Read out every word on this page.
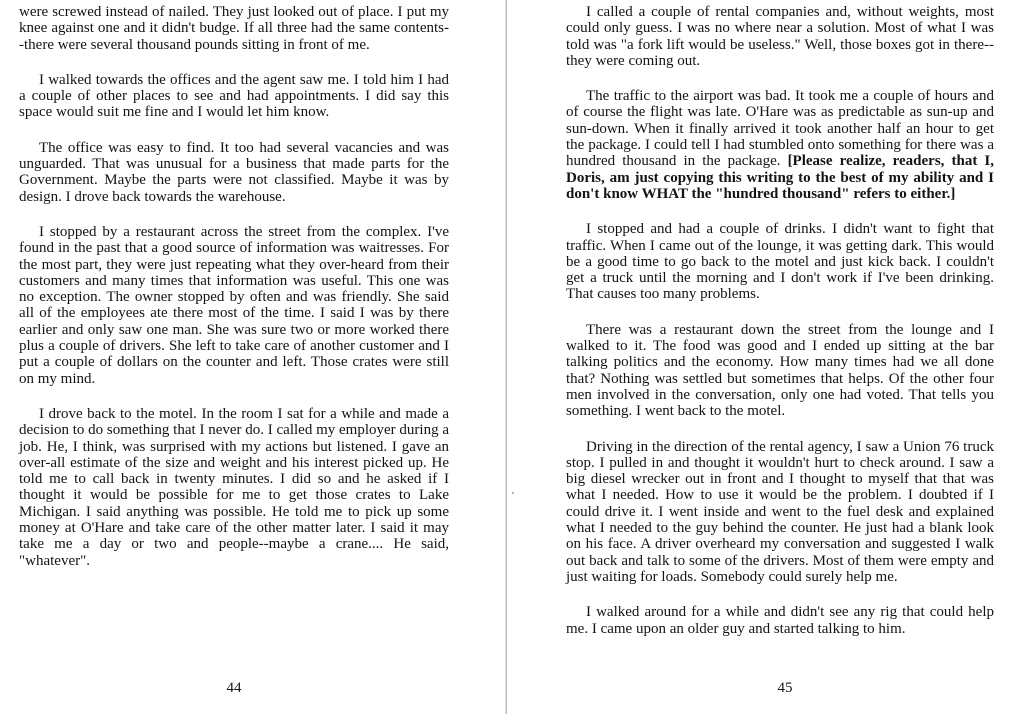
were screwed instead of nailed. They just looked out of place. I put my knee against one and it didn't budge. If all three had the same contents--there were several thousand pounds sitting in front of me.

I walked towards the offices and the agent saw me. I told him I had a couple of other places to see and had appointments. I did say this space would suit me fine and I would let him know.

The office was easy to find. It too had several vacancies and was unguarded. That was unusual for a business that made parts for the Government. Maybe the parts were not classified. Maybe it was by design. I drove back towards the warehouse.

I stopped by a restaurant across the street from the complex. I've found in the past that a good source of information was waitresses. For the most part, they were just repeating what they over-heard from their customers and many times that information was useful. This one was no exception. The owner stopped by often and was friendly. She said all of the employees ate there most of the time. I said I was by there earlier and only saw one man. She was sure two or more worked there plus a couple of drivers. She left to take care of another customer and I put a couple of dollars on the counter and left. Those crates were still on my mind.

I drove back to the motel. In the room I sat for a while and made a decision to do something that I never do. I called my employer during a job. He, I think, was surprised with my actions but listened. I gave an over-all estimate of the size and weight and his interest picked up. He told me to call back in twenty minutes. I did so and he asked if I thought it would be possible for me to get those crates to Lake Michigan. I said anything was possible. He told me to pick up some money at O'Hare and take care of the other matter later. I said it may take me a day or two and people--maybe a crane.... He said, "whatever".

44

I called a couple of rental companies and, without weights, most could only guess. I was no where near a solution. Most of what I was told was "a fork lift would be useless." Well, those boxes got in there--they were coming out.

The traffic to the airport was bad. It took me a couple of hours and of course the flight was late. O'Hare was as predictable as sun-up and sun-down. When it finally arrived it took another half an hour to get the package. I could tell I had stumbled onto something for there was a hundred thousand in the package. [Please realize, readers, that I, Doris, am just copying this writing to the best of my ability and I don't know WHAT the "hundred thousand" refers to either.]

I stopped and had a couple of drinks. I didn't want to fight that traffic. When I came out of the lounge, it was getting dark. This would be a good time to go back to the motel and just kick back. I couldn't get a truck until the morning and I don't work if I've been drinking. That causes too many problems.

There was a restaurant down the street from the lounge and I walked to it. The food was good and I ended up sitting at the bar talking politics and the economy. How many times had we all done that? Nothing was settled but sometimes that helps. Of the other four men involved in the conversation, only one had voted. That tells you something. I went back to the motel.

Driving in the direction of the rental agency, I saw a Union 76 truck stop. I pulled in and thought it wouldn't hurt to check around. I saw a big diesel wrecker out in front and I thought to myself that that was what I needed. How to use it would be the problem. I doubted if I could drive it. I went inside and went to the fuel desk and explained what I needed to the guy behind the counter. He just had a blank look on his face. A driver overheard my conversation and suggested I walk out back and talk to some of the drivers. Most of them were empty and just waiting for loads. Somebody could surely help me.

I walked around for a while and didn't see any rig that could help me. I came upon an older guy and started talking to him.

45
